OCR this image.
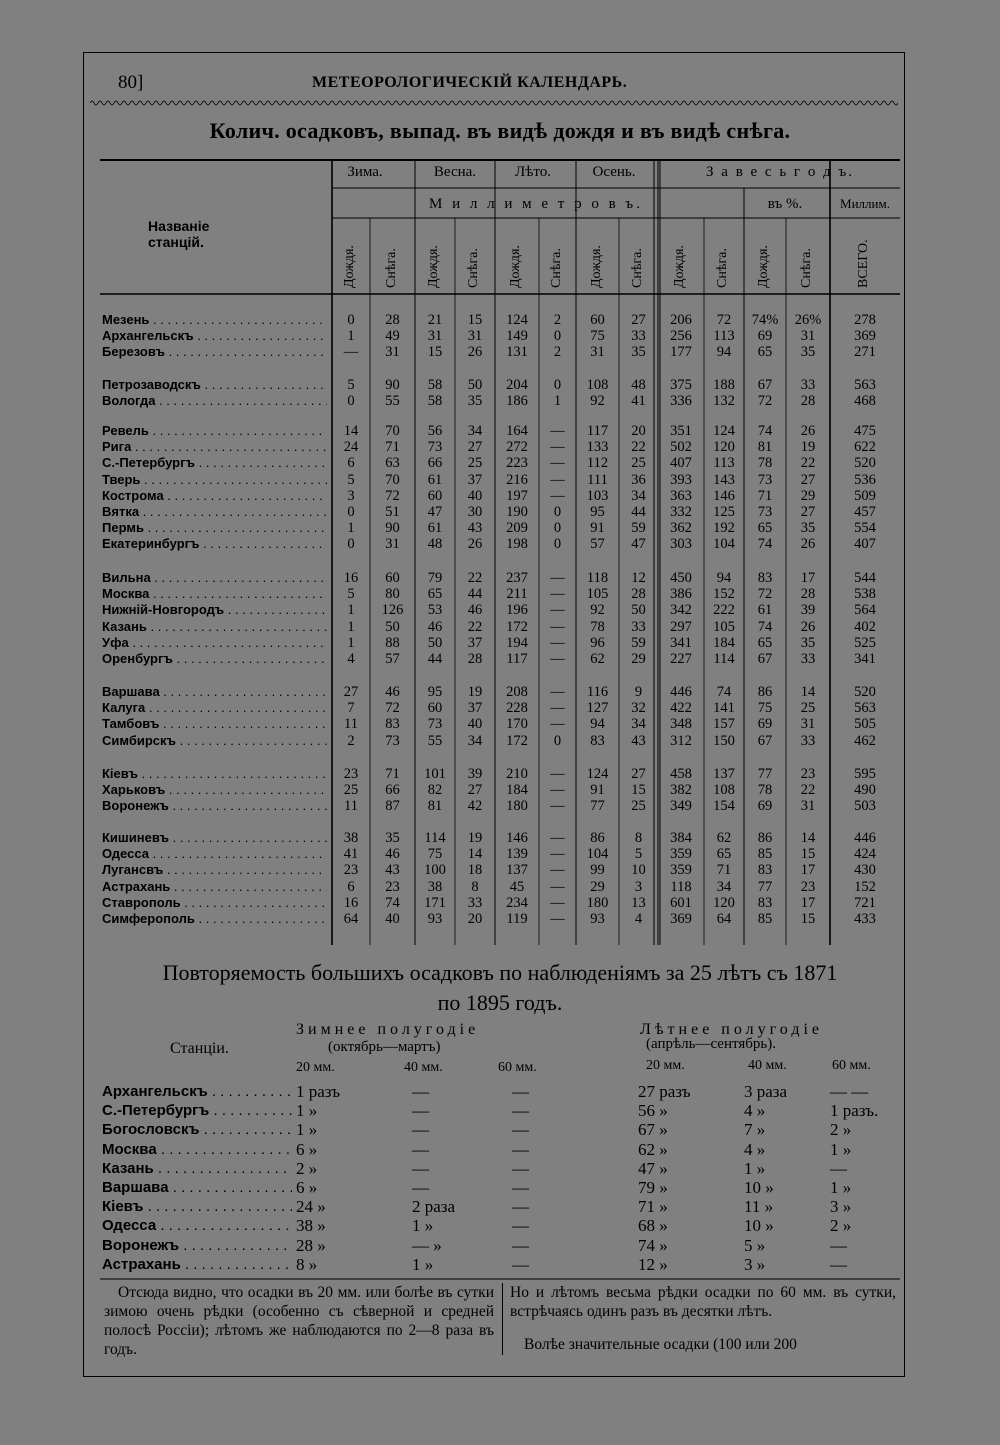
80]	МЕТЕОРОЛОГИЧЕСКІЙ КАЛЕНДАРЬ.
Колич. осадковъ, выпад. въ видѣ дождя и въ видѣ снѣга.
Названіе станцій.
Зима.	Весна.	Лѣто.	Осень.	З а в е с ь г о д ъ.
М и л л и м е т р о в ъ.	въ %.	Миллим.
Дождя. Снѣга. Дождя. Снѣга. Дождя. Снѣга. Дождя. Снѣга. Дождя. Снѣга. Дождя. Снѣга.	ВСЕГО.
Мезень . . .	0	28	21	15	124	2	60	27	206	72	74%	26%	278
Архангельскъ . . .	1	49	31	31	149	0	75	33	256	113	69	31	369
Березовъ . . .	—	31	15	26	131	2	31	35	177	94	65	35	271
Петрозаводскъ . . .	5	90	58	50	204	0	108	48	375	188	67	33	563
Вологда . . .	0	55	58	35	186	1	92	41	336	132	72	28	468
Ревель . . .	14	70	56	34	164	—	117	20	351	124	74	26	475
Рига . . .	24	71	73	27	272	—	133	22	502	120	81	19	622
С.-Петербургъ . . .	6	63	66	25	223	—	112	25	407	113	78	22	520
Тверь . . .	5	70	61	37	216	—	111	36	393	143	73	27	536
Кострома . . .	3	72	60	40	197	—	103	34	363	146	71	29	509
Вятка . . .	0	51	47	30	190	0	95	44	332	125	73	27	457
Пермь . . .	1	90	61	43	209	0	91	59	362	192	65	35	554
Екатеринбургъ . . .	0	31	48	26	198	0	57	47	303	104	74	26	407
Вильна . . .	16	60	79	22	237	—	118	12	450	94	83	17	544
Москва . . .	5	80	65	44	211	—	105	28	386	152	72	28	538
Нижній-Новгородъ . . .	1	126	53	46	196	—	92	50	342	222	61	39	564
Казань . . .	1	50	46	22	172	—	78	33	297	105	74	26	402
Уфа . . .	1	88	50	37	194	—	96	59	341	184	65	35	525
Оренбургъ . . .	4	57	44	28	117	—	62	29	227	114	67	33	341
Варшава . . .	27	46	95	19	208	—	116	9	446	74	86	14	520
Калуга . . .	7	72	60	37	228	—	127	32	422	141	75	25	563
Тамбовъ . . .	11	83	73	40	170	—	94	34	348	157	69	31	505
Симбирскъ . . .	2	73	55	34	172	0	83	43	312	150	67	33	462
Кіевъ . . .	23	71	101	39	210	—	124	27	458	137	77	23	595
Харьковъ . . .	25	66	82	27	184	—	91	15	382	108	78	22	490
Воронежъ . . .	11	87	81	42	180	—	77	25	349	154	69	31	503
Кишиневъ . . .	38	35	114	19	146	—	86	8	384	62	86	14	446
Одесса . . .	41	46	75	14	139	—	104	5	359	65	85	15	424
Лугансвъ . . .	23	43	100	18	137	—	99	10	359	71	83	17	430
Астрахань . . .	6	23	38	8	45	—	29	3	118	34	77	23	152
Ставрополь . . .	16	74	171	33	234	—	180	13	601	120	83	17	721
Симферополь . . .	64	40	93	20	119	—	93	4	369	64	85	15	433
Повторяемость большихъ осадковъ по наблюденіямъ за 25 лѣтъ съ 1871
по 1895 годъ.
Станціи.
Зимнее полугодіе
(октябрь—мартъ)
Лѣтнее полугодіе
(апрѣль—сентябрь).
20 мм.	40 мм.	60 мм.	20 мм.	40 мм.	60 мм.
Архангельскъ . . .	1 разъ	—	—	27 разъ	3 раза	— —
С.-Петербургъ . . .	1 »	—	—	56 »	4 »	1 разъ.
Богословскъ . . .	1 »	—	—	67 »	7 »	2 »
Москва . . .	6 »	—	—	62 »	4 »	1 »
Казань . . .	2 »	—	—	47 »	1 »	—
Варшава . . .	6 »	—	—	79 »	10 »	1 »
Кіевъ . . .	24 »	2 раза	—	71 »	11 »	3 »
Одесса . . .	38 »	1 »	—	68 »	10 »	2 »
Воронежъ . . .	28 »	— »	—	74 »	5 »	—
Астрахань . . .	8 »	1 »	—	12 »	3 »	—
Отсюда видно, что осадки въ 20 мм. или болѣе въ сутки зимою очень рѣдки (особенно съ сѣверной и средней полосѣ Россіи); лѣтомъ же наблюдаются по 2—8 раза въ годъ.
Но и лѣтомъ весьма рѣдки осадки по 60 мм. въ сутки, встрѣчаясь одинъ разъ въ десятки лѣтъ.
Волѣе значительные осадки (100 или 200
